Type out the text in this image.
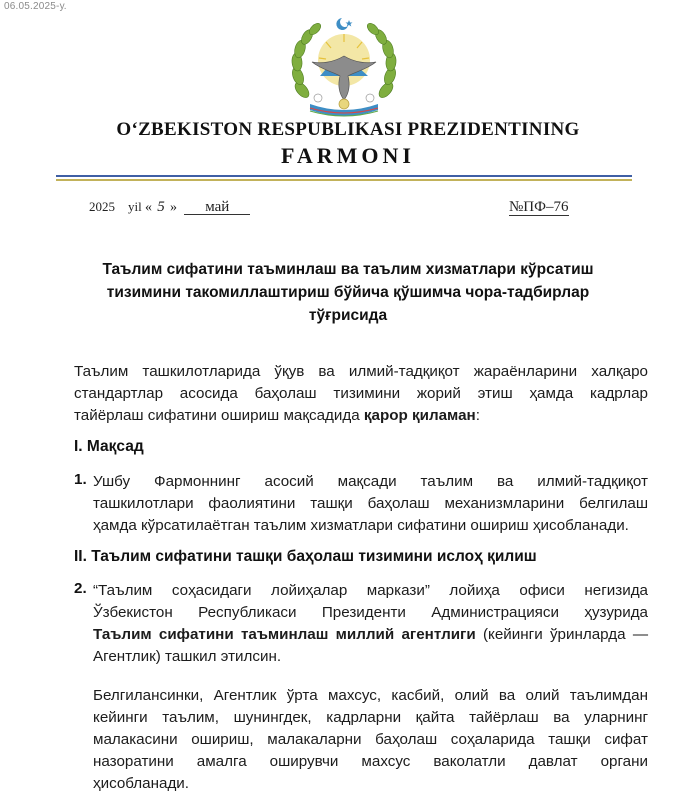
06.05.2025-у.
O‘ZBEKISTON RESPUBLIKASI PREZIDENTINING
FARMONI
2025 yil « 5 » май	№ПФ–76
Таълим сифатини таъминлаш ва таълим хизматлари кўрсатиш
тизимини такомиллаштириш бўйича қўшимча чора-тадбирлар
тўғрисида
Таълим ташкилотларида ўқув ва илмий-тадқиқот жараёнларини халқаро
стандартлар асосида баҳолаш тизимини жорий этиш ҳамда кадрлар
тайёрлаш сифатини ошириш мақсадида қарор қиламан:
I. Мақсад
1. Ушбу Фармоннинг асосий мақсади таълим ва илмий-тадқиқот
ташкилотлари фаолиятини ташқи баҳолаш механизмларини белгилаш
ҳамда кўрсатилаётган таълим хизматлари сифатини ошириш ҳисобланади.
II. Таълим сифатини ташқи баҳолаш тизимини ислоҳ қилиш
2. “Таълим соҳасидаги лойиҳалар маркази” лойиҳа офиси негизида
Ўзбекистон Республикаси Президенти Администрацияси ҳузурида
Таълим сифатини таъминлаш миллий агентлиги (кейинги ўринларда —
Агентлик) ташкил этилсин.
Белгилансинки, Агентлик ўрта махсус, касбий, олий ва олий таълимдан
кейинги таълим, шунингдек, кадрларни қайта тайёрлаш ва уларнинг
малакасини ошириш, малакаларни баҳолаш соҳаларида ташқи сифат
назоратини амалга оширувчи махсус ваколатли давлат органи
ҳисобланади.
